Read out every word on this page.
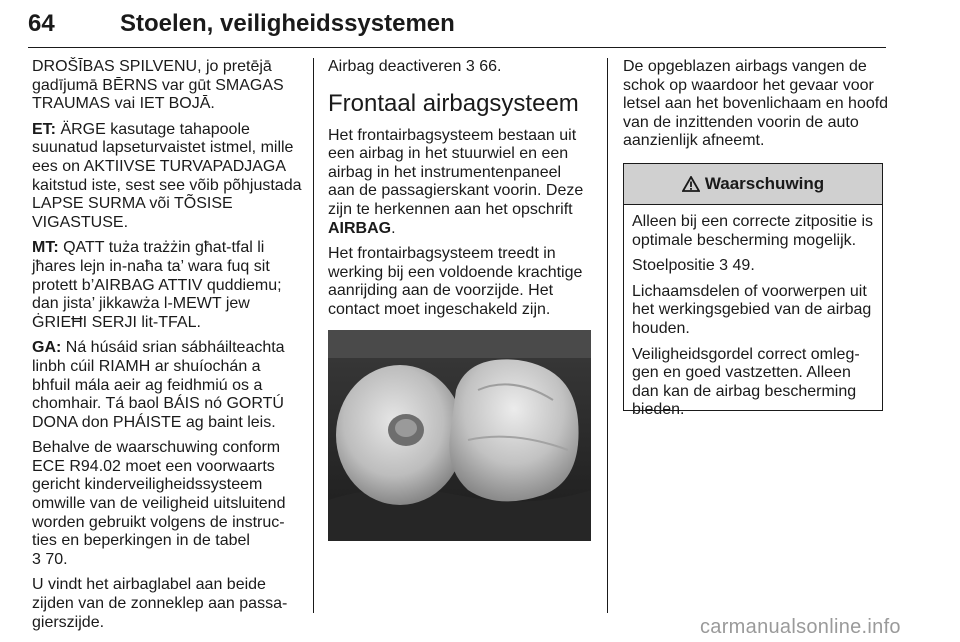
64	Stoelen, veiligheidssystemen

DROŠĪBAS SPILVENU, jo pretējā gadījumā BĒRNS var gūt SMAGAS TRAUMAS vai IET BOJĀ.

ET: ÄRGE kasutage tahapoole suunatud lapseturvaistet istmel, mille ees on AKTIIVSE TURVAPADJAGA kaitstud iste, sest see võib põhjustada LAPSE SURMA või TÕSISE VIGASTUSE.

MT: QATT tuża trażżin għat-tfal li jħares lejn in-naħa ta’ wara fuq sit protett b’AIRBAG ATTIV quddiemu; dan jista’ jikkawża l-MEWT jew ĠRIEĦI SERJI lit-TFAL.

GA: Ná húsáid srian sábháilteachta linbh cúil RIAMH ar shuíochán a bhfuil mála aeir ag feidhmiú os a chomhair. Tá baol BÁIS nó GORTÚ DONA don PHÁISTE ag baint leis.

Behalve de waarschuwing conform ECE R94.02 moet een voorwaarts gericht kinderveiligheidssysteem omwille van de veiligheid uitsluitend worden gebruikt volgens de instructies en beperkingen in de tabel
3 70.

U vindt het airbaglabel aan beide zijden van de zonneklep aan passagierszijde.

Airbag deactiveren 3 66.

Frontaal airbagsysteem

Het frontairbagsysteem bestaan uit een airbag in het stuurwiel en een airbag in het instrumentenpaneel aan de passagierskant voorin. Deze zijn te herkennen aan het opschrift
AIRBAG.

Het frontairbagsysteem treedt in werking bij een voldoende krachtige aanrijding aan de voorzijde. Het contact moet ingeschakeld zijn.

De opgeblazen airbags vangen de schok op waardoor het gevaar voor letsel aan het bovenlichaam en hoofd van de inzittenden voorin de auto aanzienlijk afneemt.

Waarschuwing

Alleen bij een correcte zitpositie is optimale bescherming mogelijk.

Stoelpositie 3 49.

Lichaamsdelen of voorwerpen uit het werkingsgebied van de airbag houden.

Veiligheidsgordel correct omleggen en goed vastzetten. Alleen dan kan de airbag bescherming bieden.

carmanualsonline.info
